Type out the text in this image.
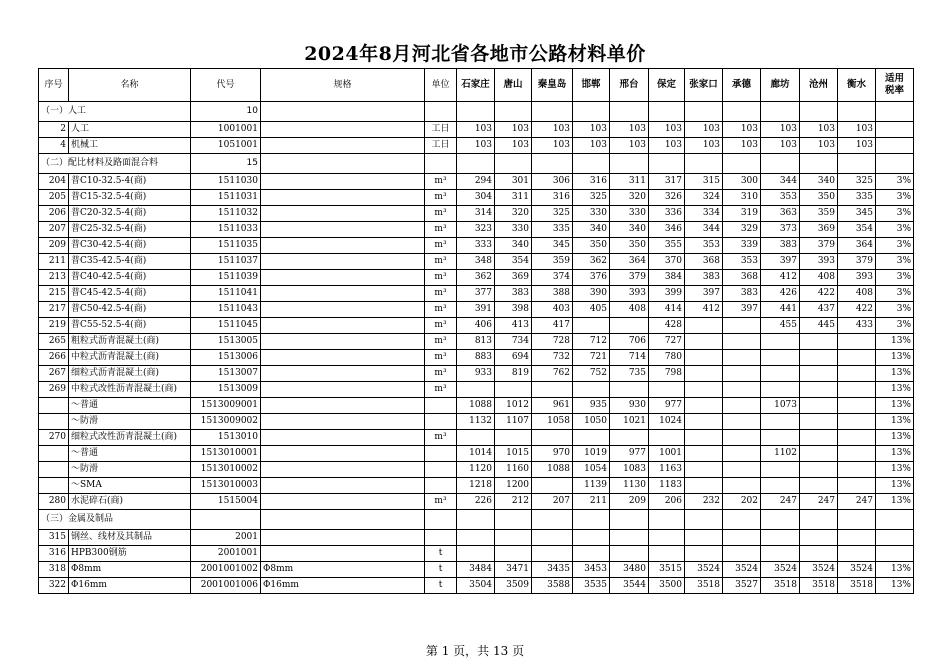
2024年8月河北省各地市公路材料单价
序号	名称	代号	规格	单位	石家庄	唐山	秦皇岛	邯郸	邢台	保定	张家口	承德	廊坊	沧州	衡水	适用
税率
（一）人工		10														
2	人工	1001001		工日	103	103	103	103	103	103	103	103	103	103	103	
4	机械工	1051001		工日	103	103	103	103	103	103	103	103	103	103	103	
（二）配比材料及路面混合料		15														
204	普C10-32.5-4(商)	1511030		m³	294	301	306	316	311	317	315	300	344	340	325	3%
205	普C15-32.5-4(商)	1511031		m³	304	311	316	325	320	326	324	310	353	350	335	3%
206	普C20-32.5-4(商)	1511032		m³	314	320	325	330	330	336	334	319	363	359	345	3%
207	普C25-32.5-4(商)	1511033		m³	323	330	335	340	340	346	344	329	373	369	354	3%
209	普C30-42.5-4(商)	1511035		m³	333	340	345	350	350	355	353	339	383	379	364	3%
211	普C35-42.5-4(商)	1511037		m³	348	354	359	362	364	370	368	353	397	393	379	3%
213	普C40-42.5-4(商)	1511039		m³	362	369	374	376	379	384	383	368	412	408	393	3%
215	普C45-42.5-4(商)	1511041		m³	377	383	388	390	393	399	397	383	426	422	408	3%
217	普C50-42.5-4(商)	1511043		m³	391	398	403	405	408	414	412	397	441	437	422	3%
219	普C55-52.5-4(商)	1511045		m³	406	413	417			428			455	445	433	3%
265	粗粒式沥青混凝土(商)	1513005		m³	813	734	728	712	706	727						13%
266	中粒式沥青混凝土(商)	1513006		m³	883	694	732	721	714	780						13%
267	细粒式沥青混凝土(商)	1513007		m³	933	819	762	752	735	798						13%
269	中粒式改性沥青混凝土(商)	1513009		m³												13%
	～普通	1513009001			1088	1012	961	935	930	977			1073			13%
	～防滑	1513009002			1132	1107	1058	1050	1021	1024						13%
270	细粒式改性沥青混凝土(商)	1513010		m³												13%
	～普通	1513010001			1014	1015	970	1019	977	1001			1102			13%
	～防滑	1513010002			1120	1160	1088	1054	1083	1163						13%
	～SMA	1513010003			1218	1200		1139	1130	1183						13%
280	水泥碎石(商)	1515004		m³	226	212	207	211	209	206	232	202	247	247	247	13%
（三）金属及制品																
315	钢丝、线材及其制品	2001														
316	HPB300钢筋	2001001		t												
318	Φ8mm	2001001002	Φ8mm	t	3484	3471	3435	3453	3480	3515	3524	3524	3524	3524	3524	13%
322	Φ16mm	2001001006	Φ16mm	t	3504	3509	3588	3535	3544	3500	3518	3527	3518	3518	3518	13%
第 1 页，共 13 页
